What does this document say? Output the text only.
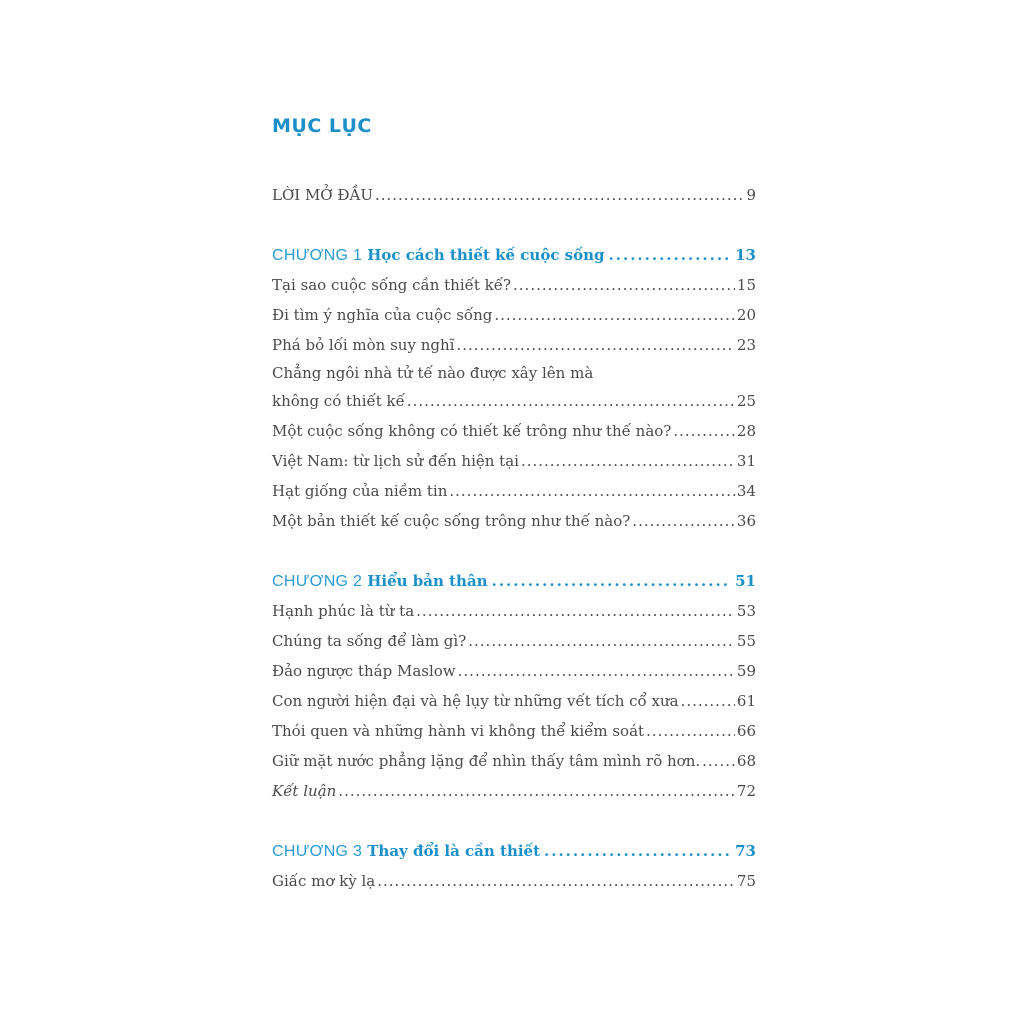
MỤC LỤC
LỜI MỞ ĐẦU .....	9
CHƯƠNG 1 Học cách thiết kế cuộc sống .....	13
Tại sao cuộc sống cần thiết kế? .....	15
Đi tìm ý nghĩa của cuộc sống .....	20
Phá bỏ lối mòn suy nghĩ .....	23
Chẳng ngôi nhà tử tế nào được xây lên mà
không có thiết kế .....	25
Một cuộc sống không có thiết kế trông như thế nào? .....	28
Việt Nam: từ lịch sử đến hiện tại .....	31
Hạt giống của niềm tin .....	34
Một bản thiết kế cuộc sống trông như thế nào? .....	36
CHƯƠNG 2 Hiểu bản thân .....	51
Hạnh phúc là từ ta .....	53
Chúng ta sống để làm gì? .....	55
Đảo ngược tháp Maslow .....	59
Con người hiện đại và hệ lụy từ những vết tích cổ xưa .....	61
Thói quen và những hành vi không thể kiểm soát .....	66
Giữ mặt nước phẳng lặng để nhìn thấy tâm mình rõ hơn. ..... 68
Kết luận .....	72
CHƯƠNG 3 Thay đổi là cần thiết .....	73
Giấc mơ kỳ lạ .....	75
